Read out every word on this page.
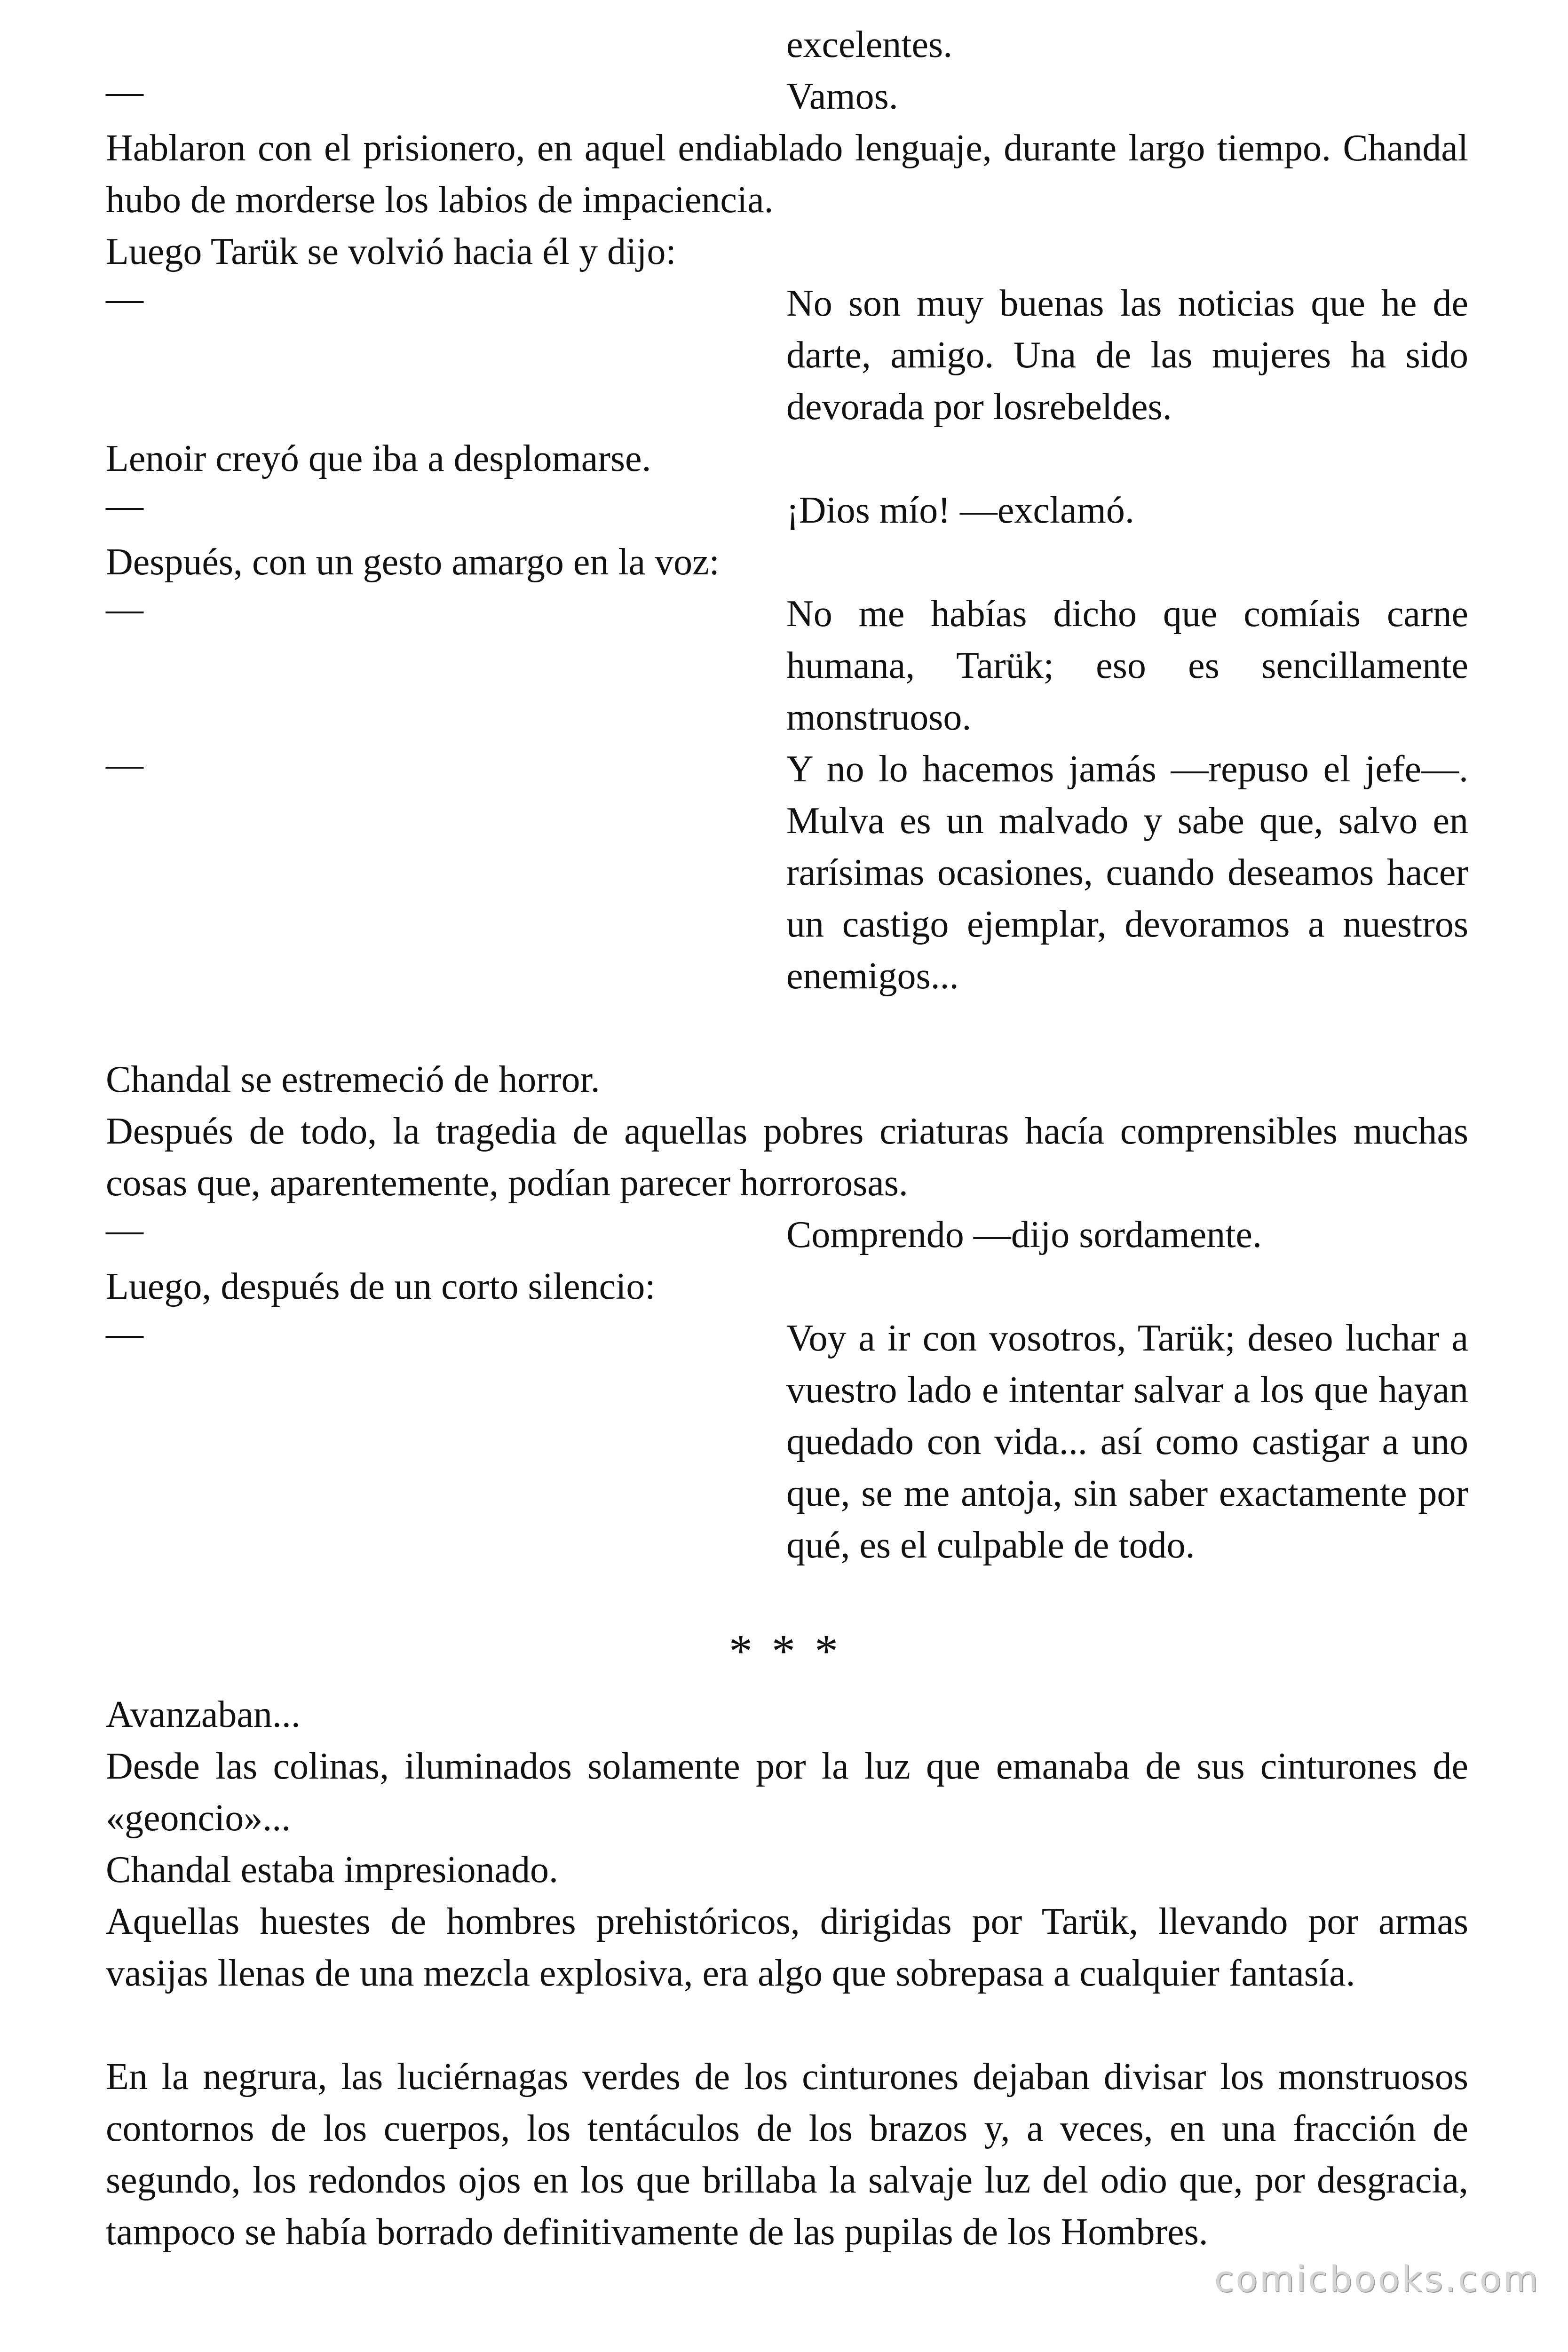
excelentes.
—	Vamos.
Hablaron con el prisionero, en aquel endiablado lenguaje, durante largo tiempo. Chandal hubo de morderse los labios de impaciencia.
Luego Tarük se volvió hacia él y dijo:
—	No son muy buenas las noticias que he de darte, amigo. Una de las mujeres ha sido devorada por losrebeldes.
Lenoir creyó que iba a desplomarse.
—	¡Dios mío! —exclamó.
Después, con un gesto amargo en la voz:
—	No me habías dicho que comíais carne humana, Tarük; eso es sencillamente monstruoso.
—	Y no lo hacemos jamás —repuso el jefe—. Mulva es un malvado y sabe que, salvo en rarísimas ocasiones, cuando deseamos hacer un castigo ejemplar, devoramos a nuestros enemigos...
Chandal se estremeció de horror.
Después de todo, la tragedia de aquellas pobres criaturas hacía comprensibles muchas cosas que, aparentemente, podían parecer horrorosas.
—	Comprendo —dijo sordamente.
Luego, después de un corto silencio:
—	Voy a ir con vosotros, Tarük; deseo luchar a vuestro lado e intentar salvar a los que hayan quedado con vida... así como castigar a uno que, se me antoja, sin saber exactamente por qué, es el culpable de todo.
* * *
Avanzaban...
Desde las colinas, iluminados solamente por la luz que emanaba de sus cinturones de «geoncio»...
Chandal estaba impresionado.
Aquellas huestes de hombres prehistóricos, dirigidas por Tarük, llevando por armas vasijas llenas de una mezcla explosiva, era algo que sobrepasa a cualquier fantasía.
En la negrura, las luciérnagas verdes de los cinturones dejaban divisar los monstruosos contornos de los cuerpos, los tentáculos de los brazos y, a veces, en una fracción de segundo, los redondos ojos en los que brillaba la salvaje luz del odio que, por desgracia, tampoco se había borrado definitivamente de las pupilas de los Hombres.
comicbooks.com
